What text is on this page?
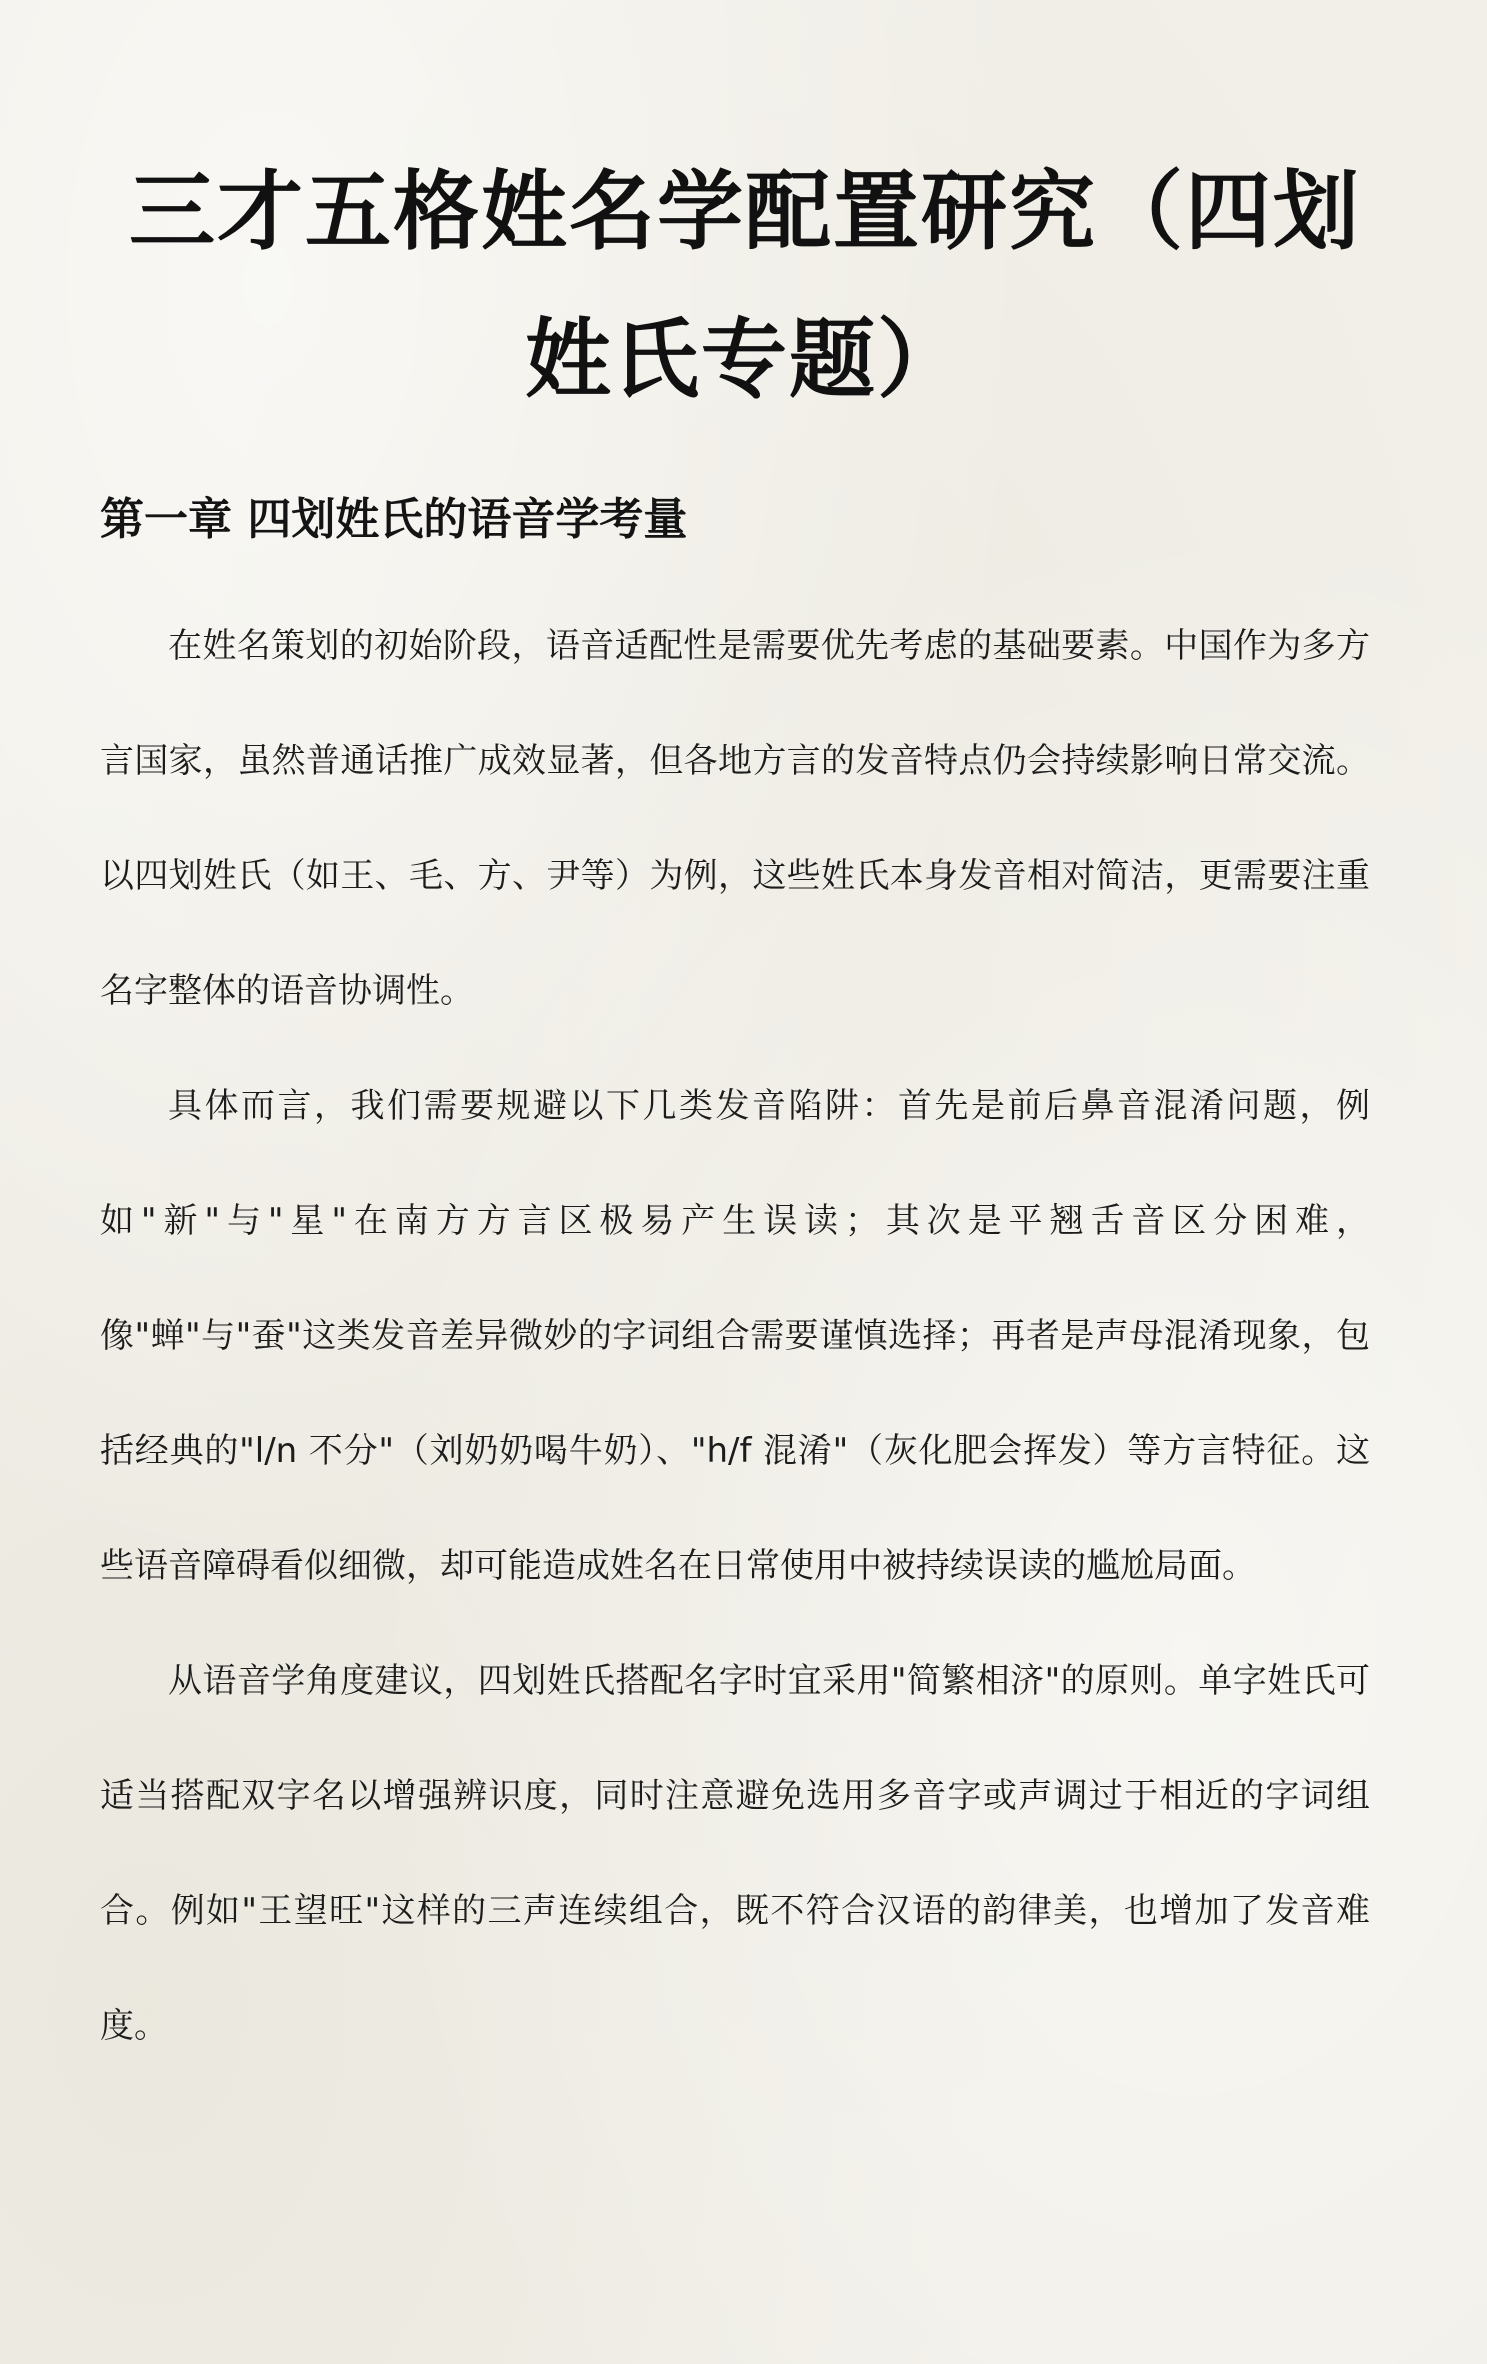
三才五格姓名学配置研究（四划姓氏专题）
第一章 四划姓氏的语音学考量

在姓名策划的初始阶段，语音适配性是需要优先考虑的基础要素。中国作为多方言国家，虽然普通话推广成效显著，但各地方言的发音特点仍会持续影响日常交流。以四划姓氏（如王、毛、方、尹等）为例，这些姓氏本身发音相对简洁，更需要注重名字整体的语音协调性。

具体而言，我们需要规避以下几类发音陷阱：首先是前后鼻音混淆问题，例如"新"与"星"在南方方言区极易产生误读；其次是平翘舌音区分困难，像"蝉"与"蚕"这类发音差异微妙的字词组合需要谨慎选择；再者是声母混淆现象，包括经典的"l/n 不分"（刘奶奶喝牛奶）、"h/f 混淆"（灰化肥会挥发）等方言特征。这些语音障碍看似细微，却可能造成姓名在日常使用中被持续误读的尴尬局面。

从语音学角度建议，四划姓氏搭配名字时宜采用"简繁相济"的原则。单字姓氏可适当搭配双字名以增强辨识度，同时注意避免选用多音字或声调过于相近的字词组合。例如"王望旺"这样的三声连续组合，既不符合汉语的韵律美，也增加了发音难度。
